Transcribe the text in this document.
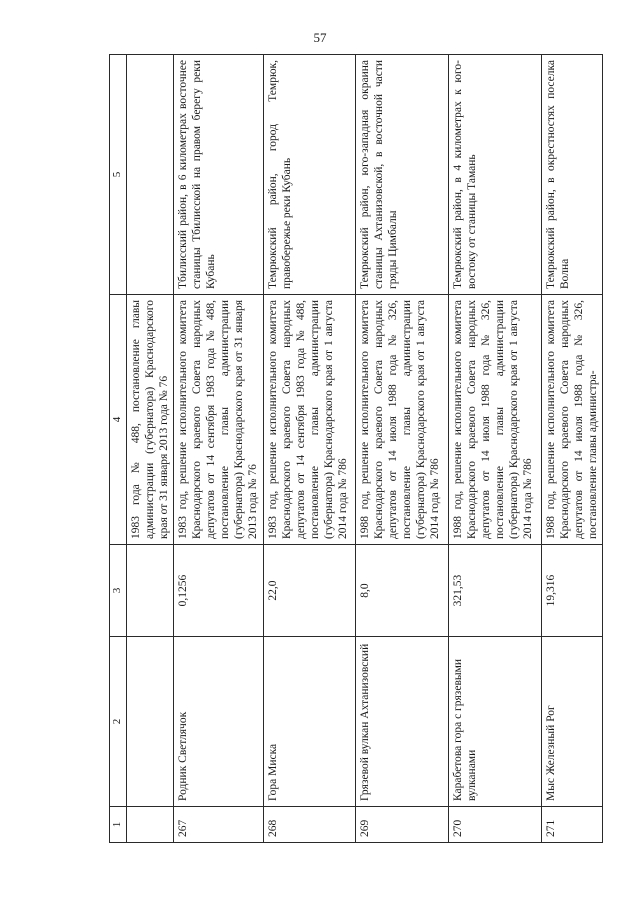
57
1	2	3	4	5
			1983 года № 488, постановление главы администрации (губернатора) Краснодарского края от 31 января 2013 года № 76	
267	Родник Светлячок	0,1256	1983 год, решение исполнительного комитета Краснодарского краевого Совета народных депутатов от 14 сентября 1983 года № 488, постановление главы администрации (губернатора) Краснодарского края от 31 января 2013 года № 76	Тбилисский район, в 6 километрах восточнее станицы Тбилисской на правом берегу реки Кубань
268	Гора Миска	22,0	1983 год, решение исполнительного комитета Краснодарского краевого Совета народных депутатов от 14 сентября 1983 года № 488, постановление главы администрации (губернатора) Краснодарского края от 1 августа 2014 года № 786	Темрюкский район, город Темрюк, правобережье реки Кубань
269	Грязевой вулкан Ахтанизовский	8,0	1988 год, решение исполнительного комитета Краснодарского краевого Совета народных депутатов от 14 июля 1988 года № 326, постановление главы администрации (губернатора) Краснодарского края от 1 августа 2014 года № 786	Темрюкский район, юго-западная окраина станицы Ахтанизовской, в восточной части гряды Цимбалы
270	Карабетова гора с грязевыми вулканами	321,53	1988 год, решение исполнительного комитета Краснодарского краевого Совета народных депутатов от 14 июля 1988 года № 326, постановление главы администрации (губернатора) Краснодарского края от 1 августа 2014 года № 786	Темрюкский район, в 4 километрах к юго-востоку от станицы Тамань
271	Мыс Железный Рог	19,316	1988 год, решение исполнительного комитета Краснодарского краевого Совета народных депутатов от 14 июля 1988 года № 326, постановление главы администра-	Темрюкский район, в окрестностях поселка Волна
